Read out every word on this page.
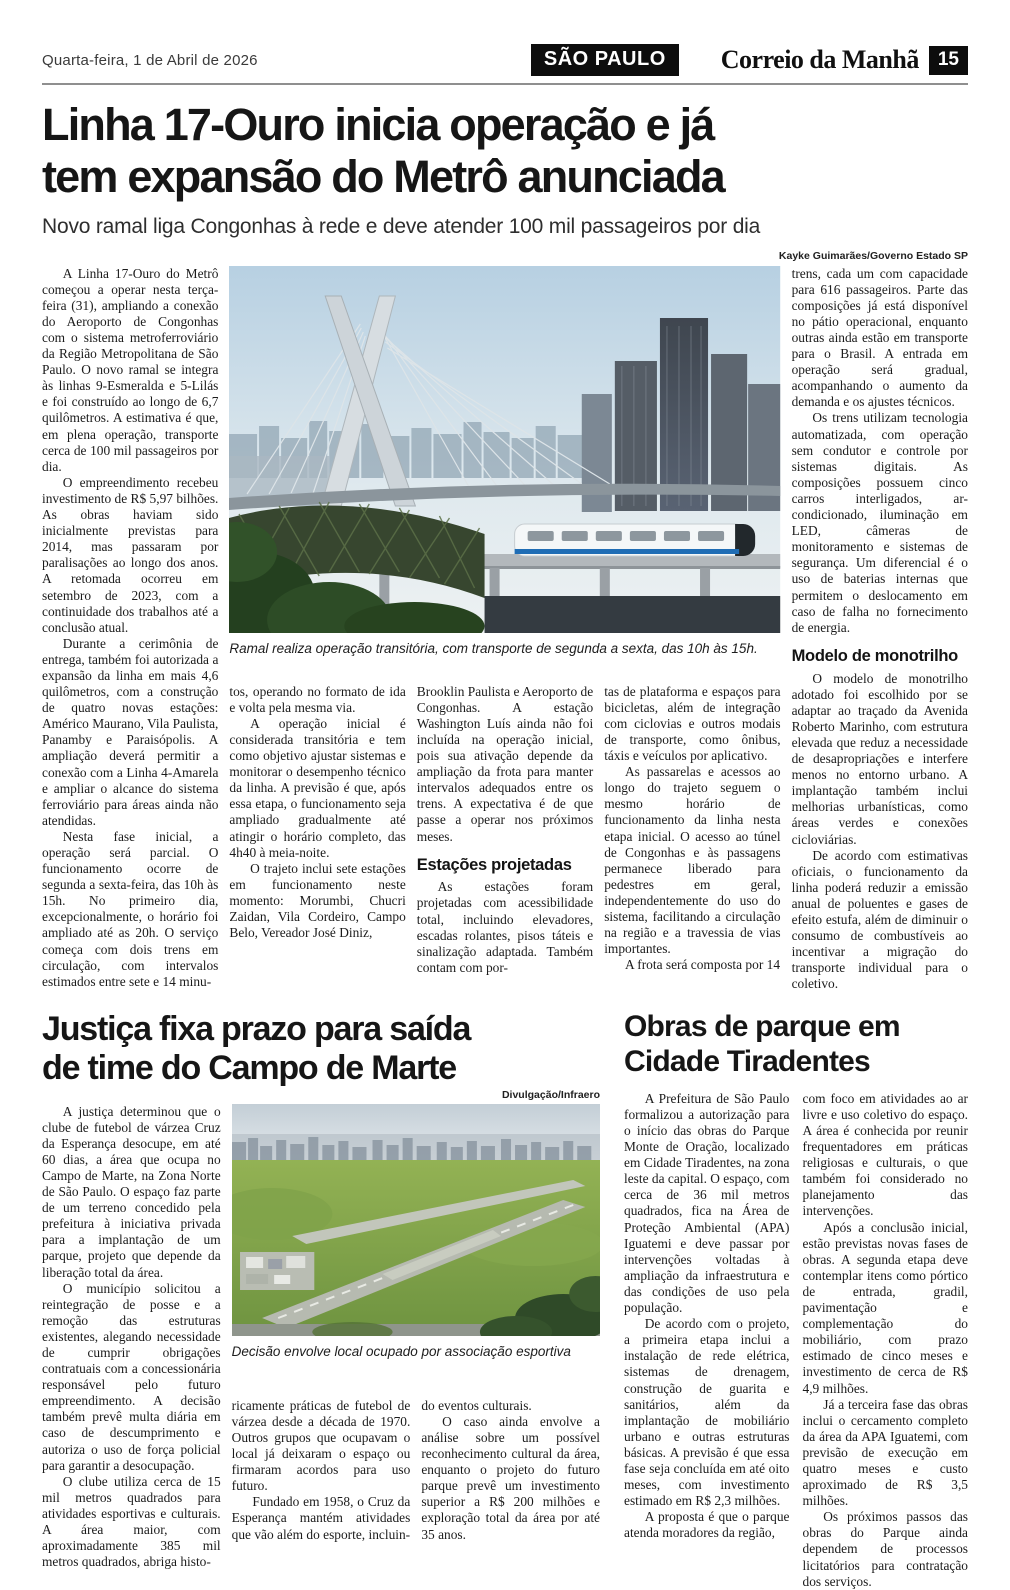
Quarta-feira, 1 de Abril de 2026	SÃO PAULO	Correio da Manhã	15
Linha 17-Ouro inicia operação e já
tem expansão do Metrô anunciada
Novo ramal liga Congonhas à rede e deve atender 100 mil passageiros por dia
Kayke Guimarães/Governo Estado SP

A Linha 17-Ouro do Metrô começou a operar nesta terça-feira (31), ampliando a conexão do Aeroporto de Congonhas com o sistema metroferroviário da Região Metropolitana de São Paulo. O novo ramal se integra às linhas 9-Esmeralda e 5-Lilás e foi construído ao longo de 6,7 quilômetros. A estimativa é que, em plena operação, transporte cerca de 100 mil passageiros por dia.

O empreendimento recebeu investimento de R$ 5,97 bilhões. As obras haviam sido inicialmente previstas para 2014, mas passaram por paralisações ao longo dos anos. A retomada ocorreu em setembro de 2023, com a continuidade dos trabalhos até a conclusão atual.

Durante a cerimônia de entrega, também foi autorizada a expansão da linha em mais 4,6 quilômetros, com a construção de quatro novas estações: Américo Maurano, Vila Paulista, Panamby e Paraisópolis. A ampliação deverá permitir a conexão com a Linha 4-Amarela e ampliar o alcance do sistema ferroviário para áreas ainda não atendidas.

Nesta fase inicial, a operação será parcial. O funcionamento ocorre de segunda a sexta-feira, das 10h às 15h. No primeiro dia, excepcionalmente, o horário foi ampliado até as 20h. O serviço começa com dois trens em circulação, com intervalos estimados entre sete e 14 minu-

Ramal realiza operação transitória, com transporte de segunda a sexta, das 10h às 15h.

tos, operando no formato de ida e volta pela mesma via.

A operação inicial é considerada transitória e tem como objetivo ajustar sistemas e monitorar o desempenho técnico da linha. A previsão é que, após essa etapa, o funcionamento seja ampliado gradualmente até atingir o horário completo, das 4h40 à meia-noite.

O trajeto inclui sete estações em funcionamento neste momento: Morumbi, Chucri Zaidan, Vila Cordeiro, Campo Belo, Vereador José Diniz,

Brooklin Paulista e Aeroporto de Congonhas. A estação Washington Luís ainda não foi incluída na operação inicial, pois sua ativação depende da ampliação da frota para manter intervalos adequados entre os trens. A expectativa é de que passe a operar nos próximos meses.

Estações projetadas

As estações foram projetadas com acessibilidade total, incluindo elevadores, escadas rolantes, pisos táteis e sinalização adaptada. Também contam com por-

tas de plataforma e espaços para bicicletas, além de integração com ciclovias e outros modais de transporte, como ônibus, táxis e veículos por aplicativo.

As passarelas e acessos ao longo do trajeto seguem o mesmo horário de funcionamento da linha nesta etapa inicial. O acesso ao túnel de Congonhas e às passagens permanece liberado para pedestres em geral, independentemente do uso do sistema, facilitando a circulação na região e a travessia de vias importantes.

A frota será composta por 14

trens, cada um com capacidade para 616 passageiros. Parte das composições já está disponível no pátio operacional, enquanto outras ainda estão em transporte para o Brasil. A entrada em operação será gradual, acompanhando o aumento da demanda e os ajustes técnicos.

Os trens utilizam tecnologia automatizada, com operação sem condutor e controle por sistemas digitais. As composições possuem cinco carros interligados, ar-condicionado, iluminação em LED, câmeras de monitoramento e sistemas de segurança. Um diferencial é o uso de baterias internas que permitem o deslocamento em caso de falha no fornecimento de energia.

Modelo de monotrilho

O modelo de monotrilho adotado foi escolhido por se adaptar ao traçado da Avenida Roberto Marinho, com estrutura elevada que reduz a necessidade de desapropriações e interfere menos no entorno urbano. A implantação também inclui melhorias urbanísticas, como áreas verdes e conexões cicloviárias.

De acordo com estimativas oficiais, o funcionamento da linha poderá reduzir a emissão anual de poluentes e gases de efeito estufa, além de diminuir o consumo de combustíveis ao incentivar a migração do transporte individual para o coletivo.

Justiça fixa prazo para saída
de time do Campo de Marte
Divulgação/Infraero

A justiça determinou que o clube de futebol de várzea Cruz da Esperança desocupe, em até 60 dias, a área que ocupa no Campo de Marte, na Zona Norte de São Paulo. O espaço faz parte de um terreno concedido pela prefeitura à iniciativa privada para a implantação de um parque, projeto que depende da liberação total da área.

O município solicitou a reintegração de posse e a remoção das estruturas existentes, alegando necessidade de cumprir obrigações contratuais com a concessionária responsável pelo futuro empreendimento. A decisão também prevê multa diária em caso de descumprimento e autoriza o uso de força policial para garantir a desocupação.

O clube utiliza cerca de 15 mil metros quadrados para atividades esportivas e culturais. A área maior, com aproximadamente 385 mil metros quadrados, abriga histo-

Decisão envolve local ocupado por associação esportiva

ricamente práticas de futebol de várzea desde a década de 1970. Outros grupos que ocupavam o local já deixaram o espaço ou firmaram acordos para uso futuro.

Fundado em 1958, o Cruz da Esperança mantém atividades que vão além do esporte, incluin-

do eventos culturais.

O caso ainda envolve a análise sobre um possível reconhecimento cultural da área, enquanto o projeto do futuro parque prevê um investimento superior a R$ 200 milhões e exploração total da área por até 35 anos.

Obras de parque em
Cidade Tiradentes

A Prefeitura de São Paulo formalizou a autorização para o início das obras do Parque Monte de Oração, localizado em Cidade Tiradentes, na zona leste da capital. O espaço, com cerca de 36 mil metros quadrados, fica na Área de Proteção Ambiental (APA) Iguatemi e deve passar por intervenções voltadas à ampliação da infraestrutura e das condições de uso pela população.

De acordo com o projeto, a primeira etapa inclui a instalação de rede elétrica, sistemas de drenagem, construção de guarita e sanitários, além da implantação de mobiliário urbano e outras estruturas básicas. A previsão é que essa fase seja concluída em até oito meses, com investimento estimado em R$ 2,3 milhões.

A proposta é que o parque atenda moradores da região,

com foco em atividades ao ar livre e uso coletivo do espaço. A área é conhecida por reunir frequentadores em práticas religiosas e culturais, o que também foi considerado no planejamento das intervenções.

Após a conclusão inicial, estão previstas novas fases de obras. A segunda etapa deve contemplar itens como pórtico de entrada, gradil, pavimentação e complementação do mobiliário, com prazo estimado de cinco meses e investimento de cerca de R$ 4,9 milhões.

Já a terceira fase das obras inclui o cercamento completo da área da APA Iguatemi, com previsão de execução em quatro meses e custo aproximado de R$ 3,5 milhões.

Os próximos passos das obras do Parque ainda dependem de processos licitatórios para contratação dos serviços.
